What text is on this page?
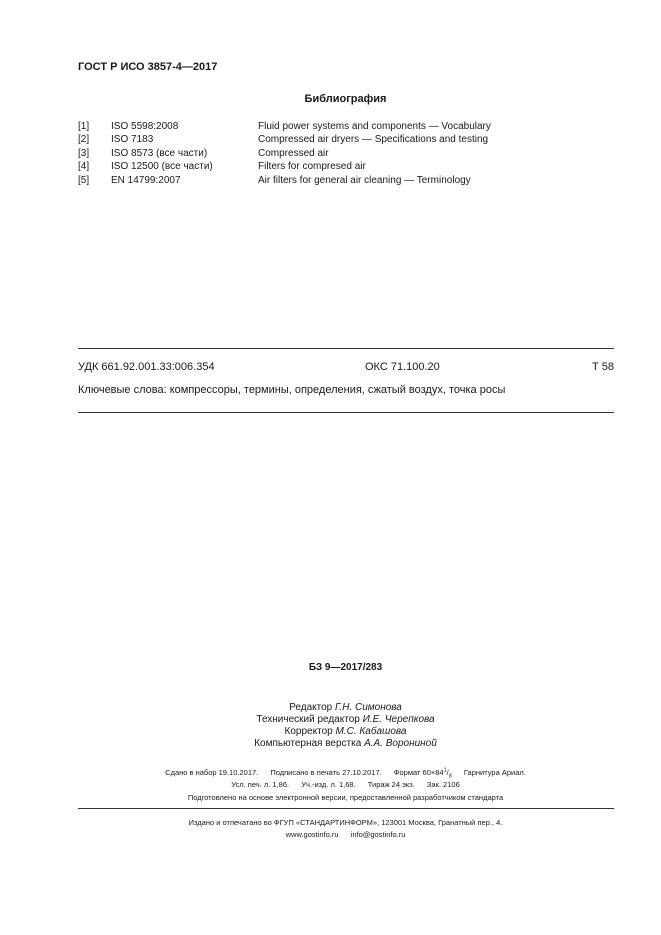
ГОСТ Р ИСО 3857-4—2017
Библиография
[1] ISO 5598:2008	Fluid power systems and components — Vocabulary
[2] ISO 7183	Compressed air dryers — Specifications and testing
[3] ISO 8573 (все части)	Compressed air
[4] ISO 12500 (все части)	Filters for compresed air
[5] EN 14799:2007	Air filters for general air cleaning — Terminology
УДК 661.92.001.33:006.354	ОКС 71.100.20	Т 58
Ключевые слова: компрессоры, термины, определения, сжатый воздух, точка росы
БЗ 9—2017/283
Редактор Г.Н. Симонова
Технический редактор И.Е. Черепкова
Корректор М.С. Кабашова
Компьютерная верстка А.А. Ворониной
Сдано в набор 19.10.2017. Подписано в печать 27.10.2017. Формат $60\times 84^1/_8$ Гарнитура Ариал.
Усл. печ. л. 1,86. Уч.-изд. л. 1,68. Тираж 24 экз. Зак. 2106
Подготовлено на основе электронной версии, предоставленной разработчиком стандарта
Издано и отпечатано во ФГУП «СТАНДАРТИНФОРМ», 123001 Москва, Гранатный пер., 4.
www.gostinfo.ru info@gostinfo.ru
